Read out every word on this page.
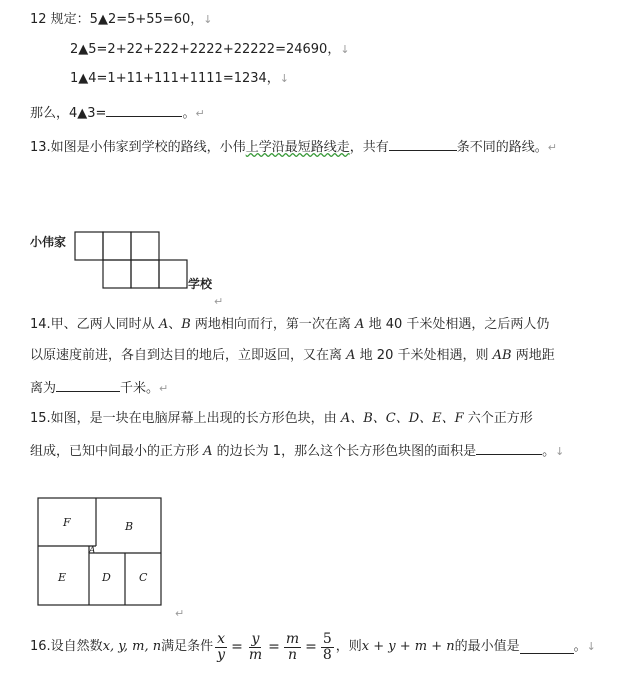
12 规定：5▲2=5+55=60，↓
2▲5=2+22+222+2222+22222=24690，↓
1▲4=1+11+111+1111=1234，↓
那么，4▲3=	。↵
13.如图是小伟家到学校的路线，小伟上学沿最短路线走，共有	条不同的路线。↵
小伟家
学校
↵
14.甲、乙两人同时从 A、B 两地相向而行，第一次在离 A 地 40 千米处相遇，之后两人仍
以原速度前进，各自到达目的地后，立即返回，又在离 A 地 20 千米处相遇，则 AB 两地距
离为	千米。↵
15.如图，是一块在电脑屏幕上出现的长方形色块，由 A、B、C、D、E、F 六个正方形
组成，已知中间最小的正方形 A 的边长为 1，那么这个长方形色块图的面积是	。↓
F	B
A
E	D	C
↵
16.设自然数 x, y, m, n 满足条件 $\frac{x}{y} = \frac{y}{m} = \frac{m}{n} = \frac{5}{8}$ ，则 x + y + m + n 的最小值是	。 ↓
